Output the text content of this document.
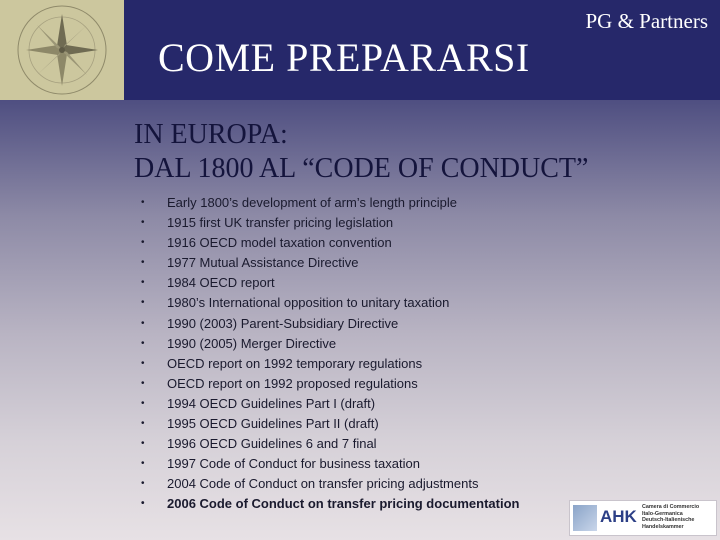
PG & Partners
COME PREPARARSI
IN EUROPA:
DAL 1800 AL “CODE OF CONDUCT”
• Early 1800’s development of arm’s length principle
• 1915 first UK transfer pricing legislation
• 1916 OECD model taxation convention
• 1977 Mutual Assistance Directive
• 1984 OECD report
• 1980’s International opposition to unitary taxation
• 1990 (2003) Parent-Subsidiary Directive
• 1990 (2005) Merger Directive
• OECD report on 1992 temporary regulations
• OECD report on 1992 proposed regulations
• 1994 OECD Guidelines Part I (draft)
• 1995 OECD Guidelines Part II (draft)
• 1996 OECD Guidelines 6 and 7 final
• 1997 Code of Conduct for business taxation
• 2004 Code of Conduct on transfer pricing adjustments
• 2006 Code of Conduct on transfer pricing documentation
AHK Camera di Commercio
Italo-Germanica
Deutsch-Italienische
Handelskammer
